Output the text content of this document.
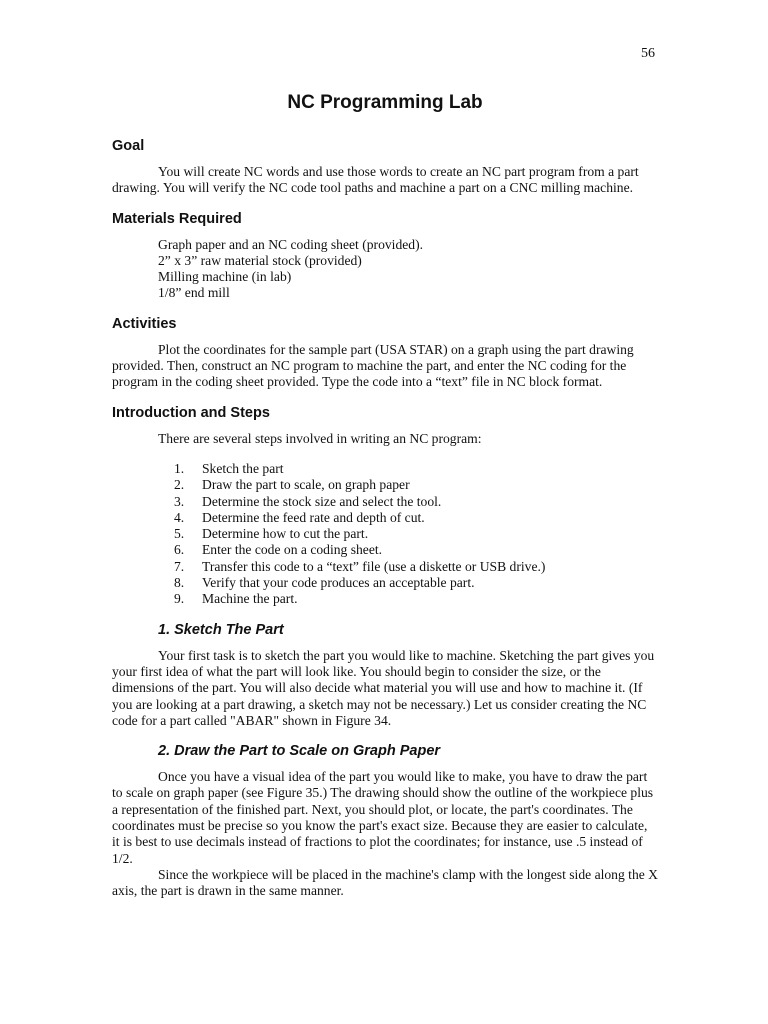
56
NC Programming Lab
Goal

You will create NC words and use those words to create an NC part program from a part drawing. You will verify the NC code tool paths and machine a part on a CNC milling machine.

Materials Required
Graph paper and an NC coding sheet (provided).
2” x 3” raw material stock (provided)
Milling machine (in lab)
1/8” end mill
Activities

Plot the coordinates for the sample part (USA STAR) on a graph using the part drawing provided. Then, construct an NC program to machine the part, and enter the NC coding for the program in the coding sheet provided. Type the code into a “text” file in NC block format.

Introduction and Steps

There are several steps involved in writing an NC program:

1.	Sketch the part
2.	Draw the part to scale, on graph paper
3.	Determine the stock size and select the tool.
4.	Determine the feed rate and depth of cut.
5.	Determine how to cut the part.
6.	Enter the code on a coding sheet.
7.	Transfer this code to a “text” file (use a diskette or USB drive.)
8.	Verify that your code produces an acceptable part.
9.	Machine the part.
1. Sketch The Part

Your first task is to sketch the part you would like to machine. Sketching the part gives you your first idea of what the part will look like. You should begin to consider the size, or the dimensions of the part. You will also decide what material you will use and how to machine it. (If you are looking at a part drawing, a sketch may not be necessary.) Let us consider creating the NC code for a part called "ABAR" shown in Figure 34.

2. Draw the Part to Scale on Graph Paper

Once you have a visual idea of the part you would like to make, you have to draw the part to scale on graph paper (see Figure 35.) The drawing should show the outline of the workpiece plus a representation of the finished part. Next, you should plot, or locate, the part's coordinates. The coordinates must be precise so you know the part's exact size. Because they are easier to calculate, it is best to use decimals instead of fractions to plot the coordinates; for instance, use .5 instead of 1/2.

Since the workpiece will be placed in the machine's clamp with the longest side along the X axis, the part is drawn in the same manner.
